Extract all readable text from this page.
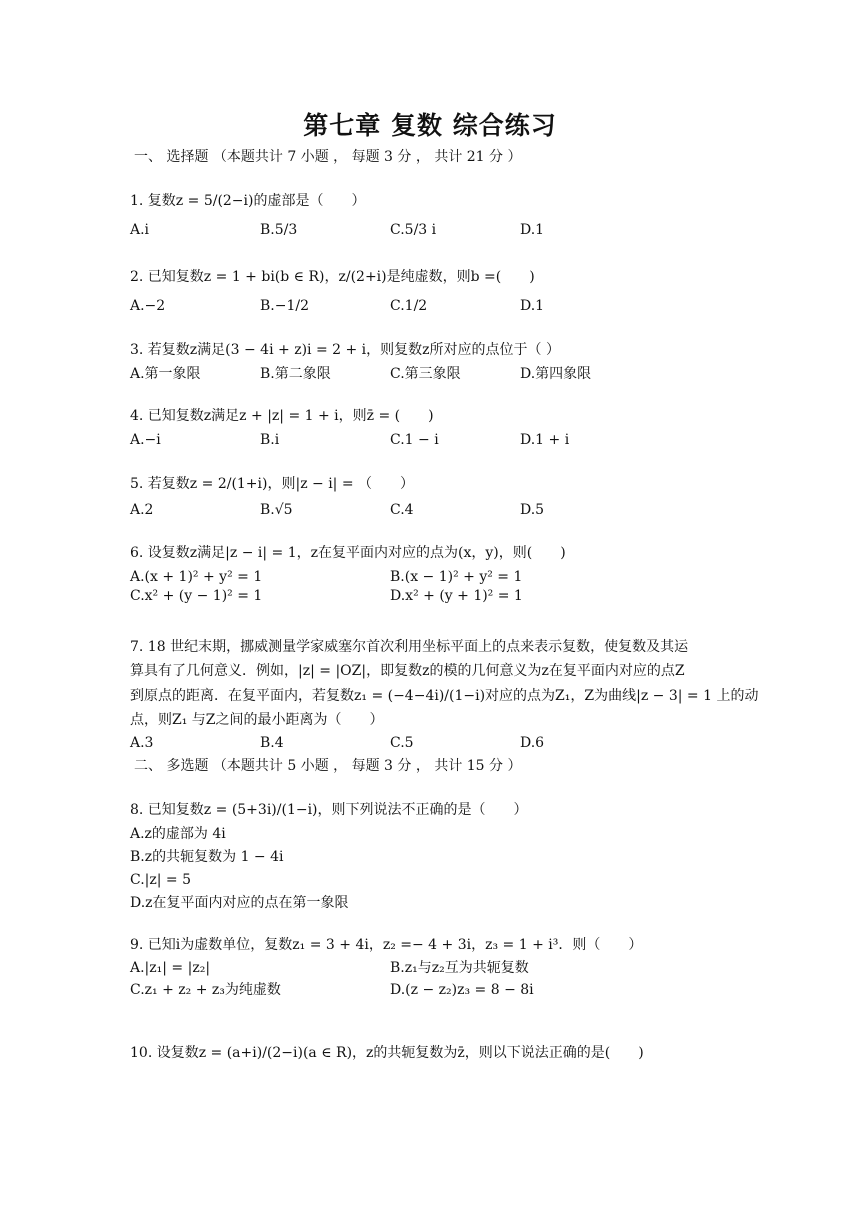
第七章 复数 综合练习
一、 选择题 （本题共计 7 小题 ， 每题 3 分 ， 共计 21 分 ）
1. 复数z = 5/(2−i)的虚部是（　　）
A.i	B.5/3	C.5/3 i	D.1
2. 已知复数z = 1 + bi(b ∈ R)，z/(2+i)是纯虚数，则b =(　　)
A.−2	B.−1/2	C.1/2	D.1
3. 若复数z满足(3 − 4i + z)i = 2 + i，则复数z所对应的点位于（ ）
A.第一象限	B.第二象限	C.第三象限	D.第四象限
4. 已知复数z满足z + |z| = 1 + i，则z̄ = (　　)
A.−i	B.i	C.1 − i	D.1 + i
5. 若复数z = 2/(1+i)，则|z − i| = （　　）
A.2	B.√5	C.4	D.5
6. 设复数z满足|z − i| = 1，z在复平面内对应的点为(x，y)，则(　　)
A.(x + 1)² + y² = 1	B.(x − 1)² + y² = 1
C.x² + (y − 1)² = 1	D.x² + (y + 1)² = 1
7. 18 世纪末期，挪威测量学家威塞尔首次利用坐标平面上的点来表示复数，使复数及其运
算具有了几何意义．例如，|z| = |OZ|，即复数z的模的几何意义为z在复平面内对应的点Z
到原点的距离．在复平面内，若复数z₁ = (−4−4i)/(1−i)对应的点为Z₁，Z为曲线|z − 3| = 1 上的动
点，则Z₁ 与Z之间的最小距离为（　　）
A.3	B.4	C.5	D.6
二、 多选题 （本题共计 5 小题 ， 每题 3 分 ， 共计 15 分 ）
8. 已知复数z = (5+3i)/(1−i)，则下列说法不正确的是（　　）
A.z的虚部为 4i
B.z的共轭复数为 1 − 4i
C.|z| = 5
D.z在复平面内对应的点在第一象限
9. 已知i为虚数单位，复数z₁ = 3 + 4i，z₂ =− 4 + 3i，z₃ = 1 + i³．则（　　）
A.|z₁| = |z₂|	B.z₁与z₂互为共轭复数
C.z₁ + z₂ + z₃为纯虚数	D.(z − z₂)z₃ = 8 − 8i
10. 设复数z = (a+i)/(2−i)(a ∈ R)，z的共轭复数为z̄，则以下说法正确的是(　　)
